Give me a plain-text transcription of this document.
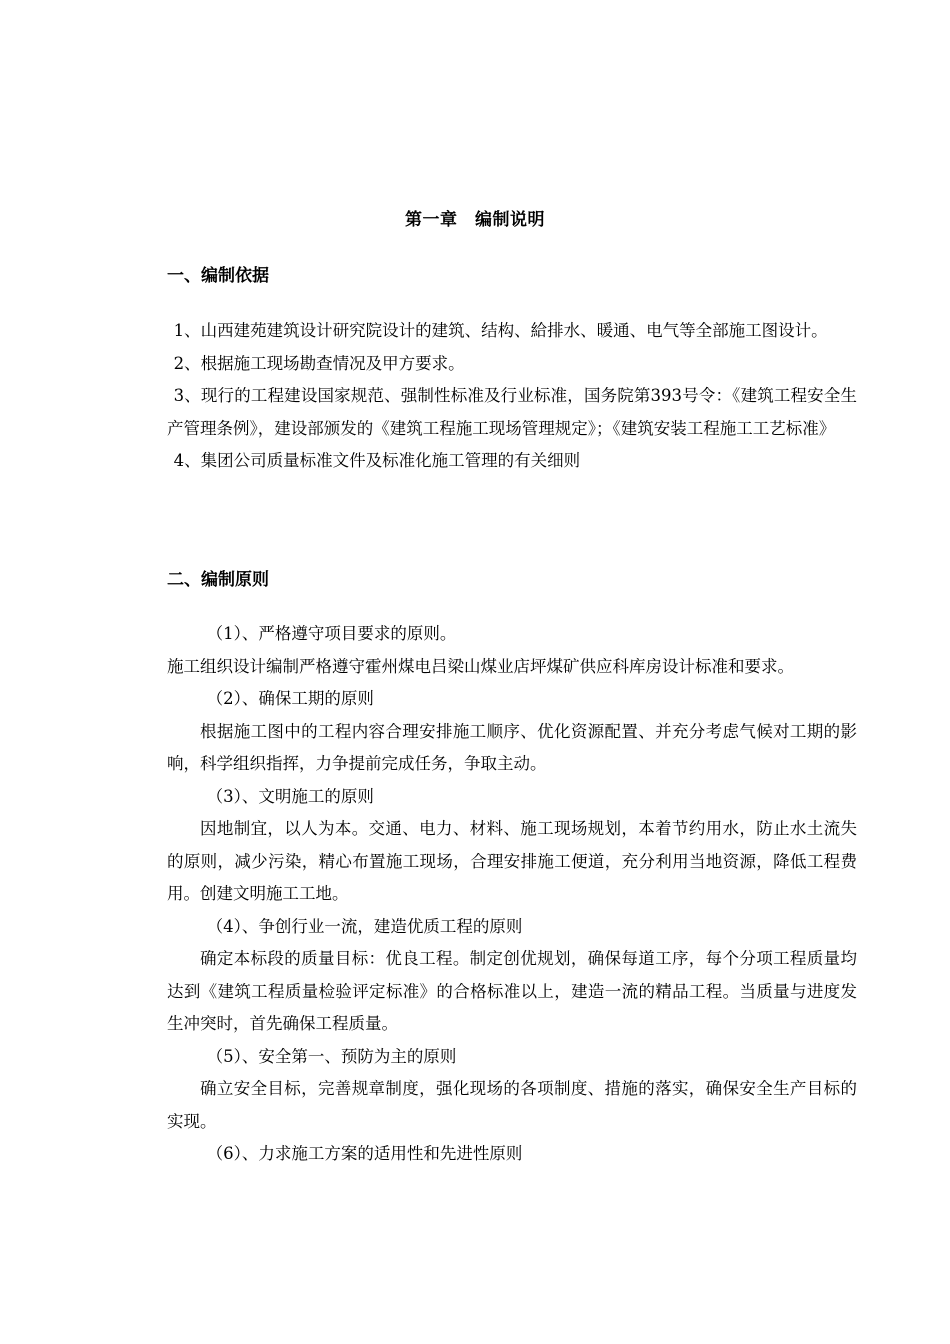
第一章　编制说明

一、编制依据

1、山西建苑建筑设计研究院设计的建筑、结构、給排水、暖通、电气等全部施工图设计。

2、根据施工现场勘查情况及甲方要求。

3、现行的工程建设国家规范、强制性标准及行业标准，国务院第393号令：《建筑工程安全生产管理条例》，建设部颁发的《建筑工程施工现场管理规定》；《建筑安装工程施工工艺标准》

4、集团公司质量标准文件及标准化施工管理的有关细则

二、编制原则

（1）、严格遵守项目要求的原则。

施工组织设计编制严格遵守霍州煤电吕梁山煤业店坪煤矿供应科库房设计标准和要求。

（2）、确保工期的原则

根据施工图中的工程内容合理安排施工顺序、优化资源配置、并充分考虑气候对工期的影响，科学组织指挥，力争提前完成任务，争取主动。

（3）、文明施工的原则

因地制宜，以人为本。交通、电力、材料、施工现场规划，本着节约用水，防止水土流失的原则，减少污染，精心布置施工现场，合理安排施工便道，充分利用当地资源，降低工程费用。创建文明施工工地。

（4）、争创行业一流，建造优质工程的原则

确定本标段的质量目标：优良工程。制定创优规划，确保每道工序，每个分项工程质量均达到《建筑工程质量检验评定标准》的合格标准以上，建造一流的精品工程。当质量与进度发生冲突时，首先确保工程质量。

（5）、安全第一、预防为主的原则

确立安全目标，完善规章制度，强化现场的各项制度、措施的落实，确保安全生产目标的实现。

（6）、力求施工方案的适用性和先进性原则
